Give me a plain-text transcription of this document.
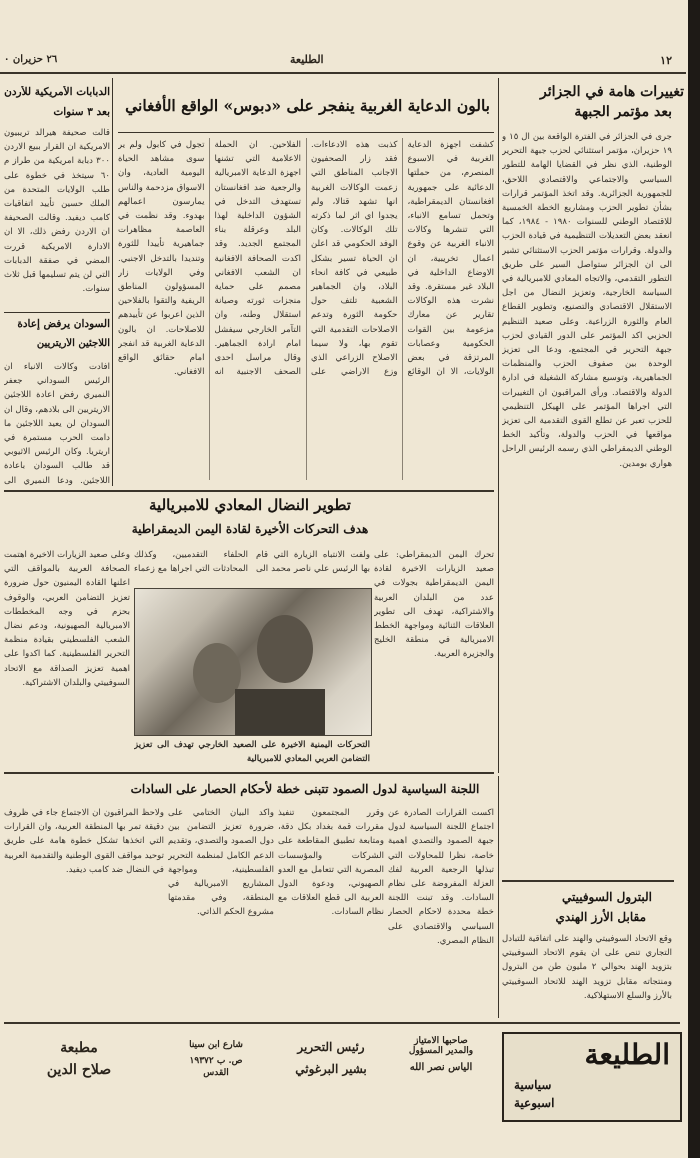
١٢
الطليعة
٢٦ حزيران ٠
تغييرات هامة في الجزائر
بعد مؤتمر الجبهة
جرى في الجزائر في الفترة الواقعة بين ال ١٥ و ١٩ حزيران، مؤتمر استثنائي لحزب جبهة التحرير الوطنية، الذي نظر في القضايا الهامة للتطور السياسي والاجتماعي والاقتصادي اللاحق، للجمهورية الجزائرية. وقد اتخذ المؤتمر قرارات بشأن تطوير الحزب ومشاريع الخطة الخمسية للاقتصاد الوطني للسنوات ١٩٨٠ - ١٩٨٤، كما انعقد بعض التعديلات التنظيمية في قيادة الحزب والدولة. وقرارات مؤتمر الحزب الاستثنائي تشير الى ان الجزائر ستواصل السير على طريق التطور التقدمي، والاتجاه المعادي للامبريالية في السياسة الخارجية، وتعزيز النضال من اجل الاستقلال الاقتصادي والتصنيع، وتطوير القطاع العام والثورة الزراعية. وعلى صعيد التنظيم الحزبي اكد المؤتمر على الدور القيادي لحزب جبهة التحرير في المجتمع، ودعا الى تعزيز الوحدة بين صفوف الحزب والمنظمات الجماهيرية، وتوسيع مشاركة الشغيلة في ادارة الدولة والاقتصاد. ورأى المراقبون ان التغييرات التي اجراها المؤتمر على الهيكل التنظيمي للحزب تعبر عن تطلع القوى التقدمية الى تعزيز مواقعها في الحزب والدولة، وتأكيد الخط الوطني الديمقراطي الذي رسمه الرئيس الراحل هواري بومدين.
البترول السوفييتي
مقابل الأرز الهندي
وقع الاتحاد السوفييتي والهند على اتفاقية للتبادل التجاري تنص على ان يقوم الاتحاد السوفييتي بتزويد الهند بحوالي ٢ مليون طن من البترول ومنتجاته مقابل تزويد الهند للاتحاد السوفييتي بالأرز والسلع الاستهلاكية.
بالون الدعاية الغربية ينفجر على «دبوس» الواقع الأفغاني
كشفت اجهزة الدعاية الغربية في الاسبوع المنصرم، من حملتها الدعائية على جمهورية افغانستان الديمقراطية، وتحمل تسامع الانباء، التي تنشرها وكالات الانباء الغربية عن وقوع اعمال تخريبية، ان الاوضاع الداخلية في البلاد غير مستقرة. وقد نشرت هذه الوكالات تقارير عن معارك مزعومة بين القوات الحكومية وعصابات المرتزقة في بعض الولايات، الا ان الوقائع كذبت هذه الادعاءات. فقد زار الصحفيون الاجانب المناطق التي زعمت الوكالات الغربية انها تشهد قتالا، ولم يجدوا اي اثر لما ذكرته تلك الوكالات. وكان الوفد الحكومي قد اعلن ان الحياة تسير بشكل طبيعي في كافة انحاء البلاد، وان الجماهير الشعبية تلتف حول حكومة الثورة وتدعم الاصلاحات التقدمية التي تقوم بها، ولا سيما الاصلاح الزراعي الذي وزع الاراضي على الفلاحين. ان الحملة الاعلامية التي تشنها اجهزة الدعاية الامبريالية والرجعية ضد افغانستان تستهدف التدخل في الشؤون الداخلية لهذا البلد وعرقلة بناء المجتمع الجديد. وقد اكدت الصحافة الافغانية ان الشعب الافغاني مصمم على حماية منجزات ثورته وصيانة استقلال وطنه، وان التآمر الخارجي سيفشل امام ارادة الجماهير. وقال مراسل احدى الصحف الاجنبية انه تجول في كابول ولم ير سوى مشاهد الحياة اليومية العادية، وان الاسواق مزدحمة والناس يمارسون اعمالهم بهدوء. وقد نظمت في العاصمة مظاهرات جماهيرية تأييدا للثورة وتنديدا بالتدخل الاجنبي. وفي الولايات زار المسؤولون المناطق الريفية والتقوا بالفلاحين الذين اعربوا عن تأييدهم للاصلاحات. ان بالون الدعاية الغربية قد انفجر امام حقائق الواقع الافغاني.
الدبابات الأمريكية للأردن
بعد ٣ سنوات
قالت صحيفة هيرالد تريبيون الامريكية ان القرار ببيع الاردن ٣٠٠ دبابة امريكية من طراز م ٦٠ سيتخذ في خطوة على طلب الولايات المتحدة من الملك حسين تأييد اتفاقيات كامب ديفيد. وقالت الصحيفة ان الاردن رفض ذلك، الا ان الادارة الامريكية قررت المضي في صفقة الدبابات التي لن يتم تسليمها قبل ثلاث سنوات.
السودان يرفض إعادة
اللاجئين الأريتريين
افادت وكالات الانباء ان الرئيس السوداني جعفر النميري رفض اعادة اللاجئين الاريتريين الى بلادهم، وقال ان السودان لن يعيد اللاجئين ما دامت الحرب مستمرة في اريتريا. وكان الرئيس الاثيوبي قد طالب السودان باعادة اللاجئين. ودعا النميري الى
تطوير النضال المعادي للامبريالية
هدف التحركات الأخيرة لقادة اليمن الديمقراطية
تحرك اليمن الديمقراطي: على صعيد الزيارات الاخيرة لقادة اليمن الديمقراطية بجولات في عدد من البلدان العربية والاشتراكية، تهدف الى تطوير العلاقات الثنائية ومواجهة الخطط الامبريالية في منطقة الخليج والجزيرة العربية.
ولفت الانتباه الزيارة التي قام بها الرئيس علي ناصر محمد الى الحلفاء التقدميين، وكذلك المحادثات التي اجراها مع زعماء
التحركات اليمنية الاخيرة على الصعيد الخارجي تهدف الى تعزيز التضامن العربي المعادي للامبريالية
وعلى صعيد الزيارات الاخيرة اهتمت الصحافة العربية بالمواقف التي اعلنها القادة اليمنيون حول ضرورة تعزيز التضامن العربي، والوقوف بحزم في وجه المخططات الامبريالية الصهيونية، ودعم نضال الشعب الفلسطيني بقيادة منظمة التحرير الفلسطينية. كما اكدوا على اهمية تعزيز الصداقة مع الاتحاد السوفييتي والبلدان الاشتراكية.
اللجنة السياسية لدول الصمود تتبنى خطة لأحكام الحصار على السادات
اكست القرارات الصادرة عن اجتماع اللجنة السياسية لدول جبهة الصمود والتصدي اهمية خاصة، نظرا للمحاولات التي تبذلها الرجعية العربية لفك العزلة المفروضة على نظام السادات. وقد تبنت اللجنة خطة محددة لاحكام الحصار السياسي والاقتصادي على النظام المصري.
وقرر المجتمعون تنفيذ مقررات قمة بغداد بكل دقة، ومتابعة تطبيق المقاطعة على الشركات والمؤسسات المصرية التي تتعامل مع العدو الصهيوني، ودعوة الدول العربية الى قطع العلاقات مع نظام السادات.
واكد البيان الختامي على ضرورة تعزيز التضامن بين دول الصمود والتصدي، وتقديم الدعم الكامل لمنظمة التحرير الفلسطينية، ومواجهة المشاريع الامبريالية في المنطقة، وفي مقدمتها مشروع الحكم الذاتي.
ولاحظ المراقبون ان الاجتماع جاء في ظروف دقيقة تمر بها المنطقة العربية، وان القرارات التي اتخذها تشكل خطوة هامة على طريق توحيد مواقف القوى الوطنية والتقدمية العربية في النضال ضد كامب ديفيد.
الطليعة
سياسية
اسبوعية
صاحبها الامتياز
والمدير المسؤول
الياس نصر الله
رئيس التحرير
بشير البرغوثي
شارع ابن سينا
ص. ب ١٩٣٧٢
القدس
مطبعة
صلاح الدين
